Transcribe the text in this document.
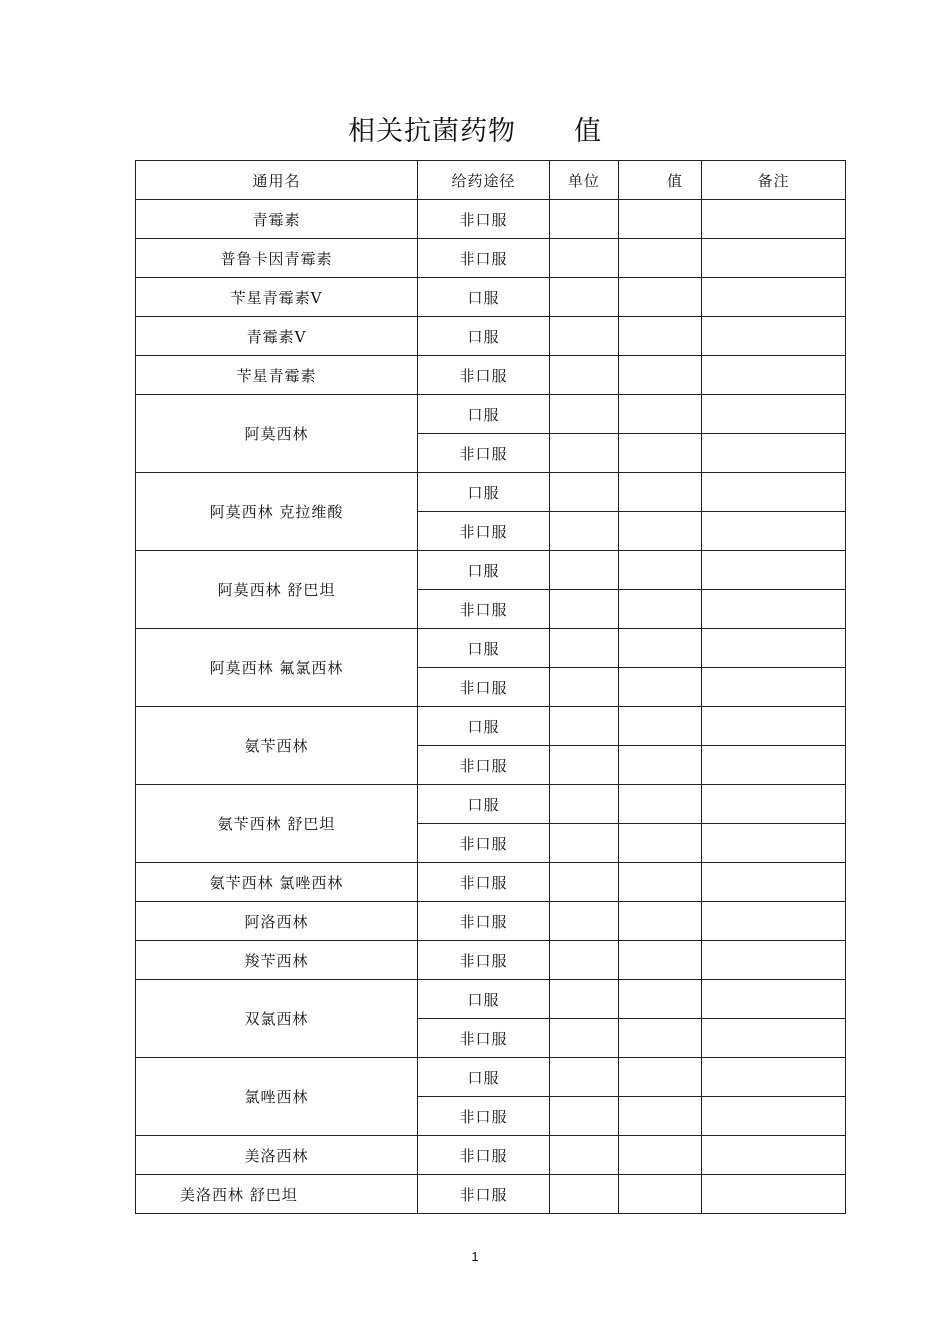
相关抗菌药物 值
通用名	给药途径	单位	值	备注
青霉素	非口服			
普鲁卡因青霉素	非口服			
苄星青霉素Ⅴ	口服			
青霉素Ⅴ	口服			
苄星青霉素	非口服			
阿莫西林	口服			
	非口服			
阿莫西林 克拉维酸	口服			
	非口服			
阿莫西林 舒巴坦	口服			
	非口服			
阿莫西林 氟氯西林	口服			
	非口服			
氨苄西林	口服			
	非口服			
氨苄西林 舒巴坦	口服			
	非口服			
氨苄西林 氯唑西林	非口服			
阿洛西林	非口服			
羧苄西林	非口服			
双氯西林	口服			
	非口服			
氯唑西林	口服			
	非口服			
美洛西林	非口服			
美洛西林 舒巴坦	非口服			
1
